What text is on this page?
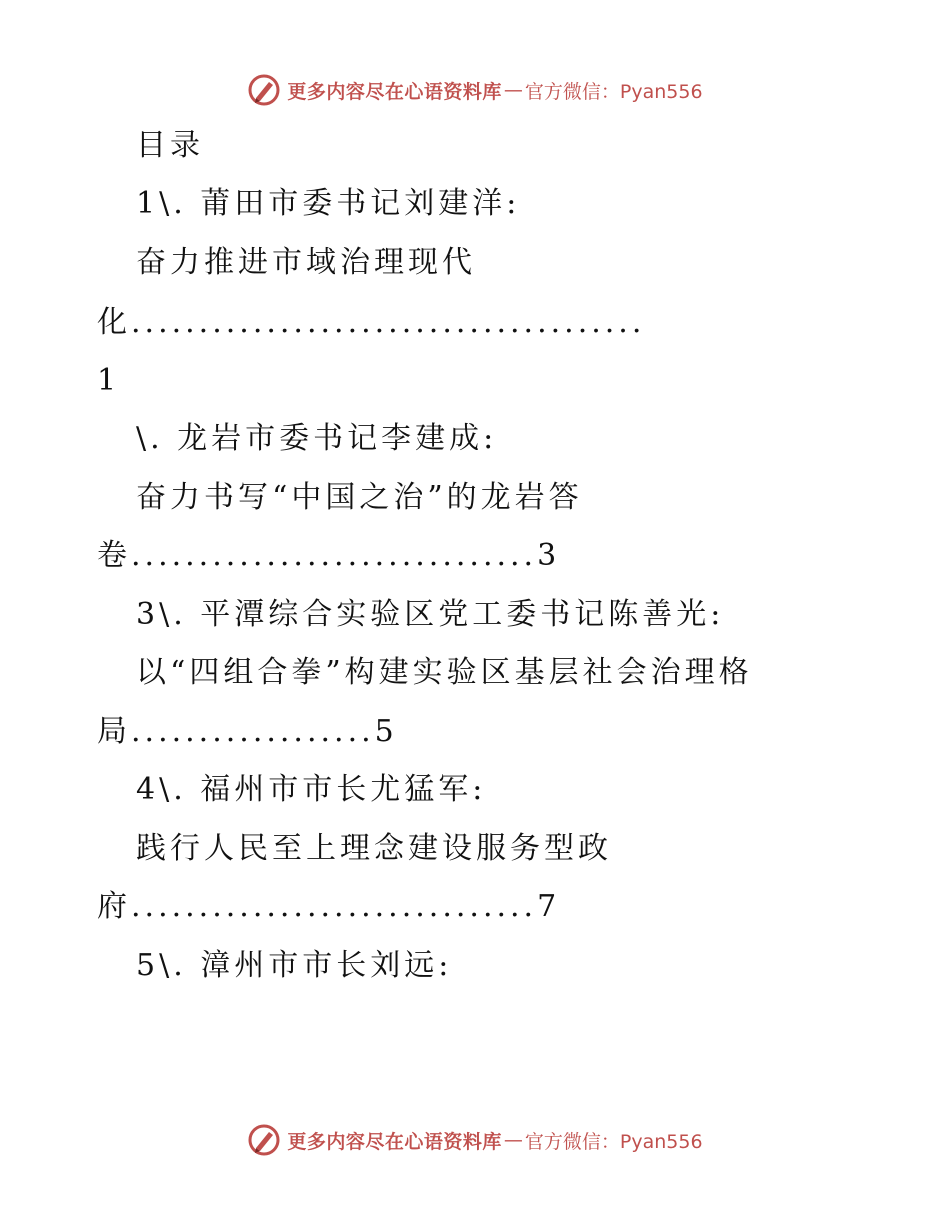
更多内容尽在心语资料库 — 官方微信：Pyan556
目录
1\. 莆田市委书记刘建洋:
奋力推进市域治理现代
化......................................
1
\. 龙岩市委书记李建成:
奋力书写“中国之治”的龙岩答
卷..............................3
3\. 平潭综合实验区党工委书记陈善光:
以“四组合拳”构建实验区基层社会治理格
局..................5
4\. 福州市市长尤猛军:
践行人民至上理念建设服务型政
府..............................7
5\. 漳州市市长刘远:
更多内容尽在心语资料库 — 官方微信：Pyan556
